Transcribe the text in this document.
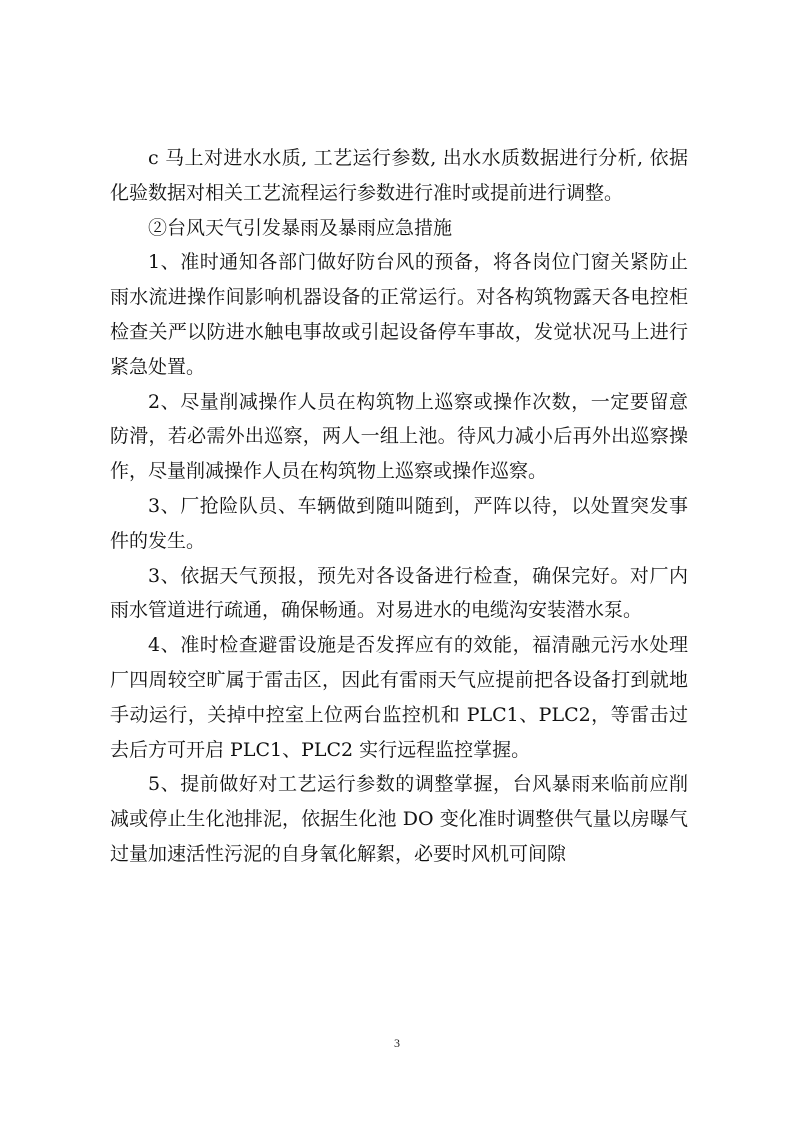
c 马上对进水水质, 工艺运行参数, 出水水质数据进行分析, 依据化验数据对相关工艺流程运行参数进行准时或提前进行调整。

②台风天气引发暴雨及暴雨应急措施

1、准时通知各部门做好防台风的预备，将各岗位门窗关紧防止雨水流进操作间影响机器设备的正常运行。对各构筑物露天各电控柜检查关严以防进水触电事故或引起设备停车事故，发觉状况马上进行紧急处置。

2、尽量削减操作人员在构筑物上巡察或操作次数，一定要留意防滑，若必需外出巡察，两人一组上池。待风力减小后再外出巡察操作，尽量削减操作人员在构筑物上巡察或操作巡察。

3、厂抢险队员、车辆做到随叫随到，严阵以待，以处置突发事件的发生。

3、依据天气预报，预先对各设备进行检查，确保完好。对厂内雨水管道进行疏通，确保畅通。对易进水的电缆沟安装潜水泵。

4、准时检查避雷设施是否发挥应有的效能，福清融元污水处理厂四周较空旷属于雷击区，因此有雷雨天气应提前把各设备打到就地手动运行，关掉中控室上位两台监控机和 PLC1、PLC2，等雷击过去后方可开启 PLC1、PLC2 实行远程监控掌握。

5、提前做好对工艺运行参数的调整掌握，台风暴雨来临前应削减或停止生化池排泥，依据生化池 DO 变化准时调整供气量以房曝气过量加速活性污泥的自身氧化解絮，必要时风机可间隙

3
